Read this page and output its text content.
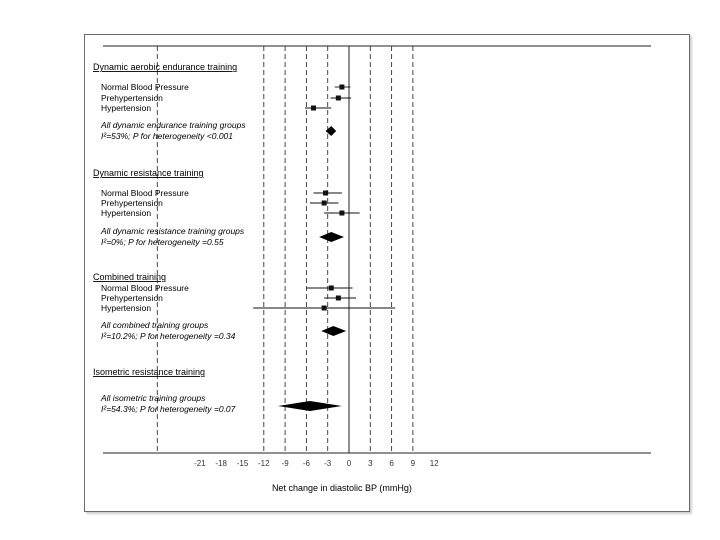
-21 -18 -15 -12 -9 -6 -3 0 3 6 9 12
Net change in diastolic BP (mmHg)
Dynamic aerobic endurance training
Normal Blood Pressure
Prehypertension
Hypertension
All dynamic endurance training groups
I²=53%; P for heterogeneity <0.001
Dynamic resistance training
Normal Blood Pressure
Prehypertension
Hypertension
All dynamic resistance training groups
I²=0%; P for heterogeneity =0.55
Combined training
Normal Blood Pressure
Prehypertension
Hypertension
All combined training groups
I²=10.2%; P for heterogeneity =0.34
Isometric resistance training
All isometric training groups
I²=54.3%; P for heterogeneity =0.07
